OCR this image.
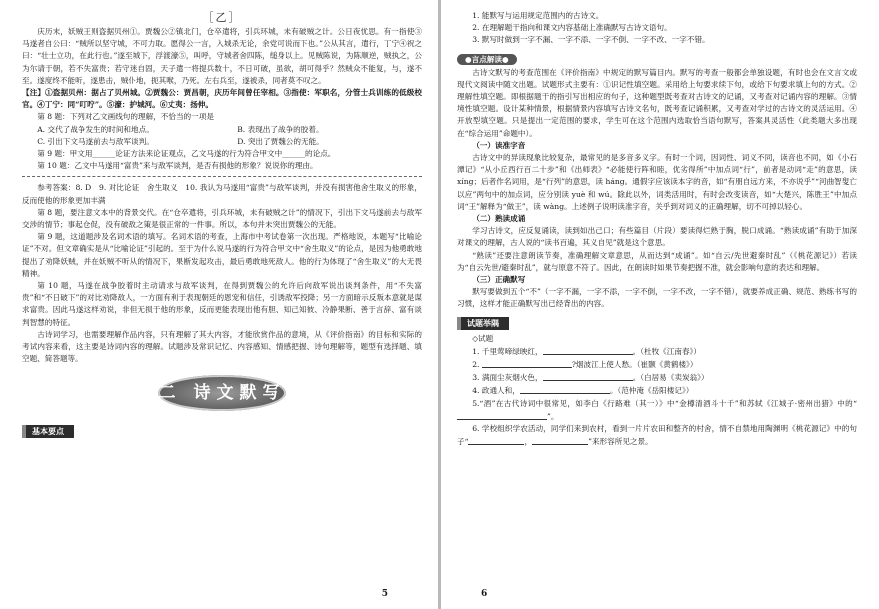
［乙］

庆历末，妖贼王则盗据贝州①。贾魏公②镇北门，仓卒遣将，引兵环城，未有破贼之计。公日夜忧思。有一指使③马遂者自公曰：“贼所以坚守城，不可力取。愿得公一言，入城杀无论，余党可说而下也。”公从其言，遣行，丁宁④祝之曰：“壮士立功，在此行也。”遂至城下，浮渡濠⑤，叫呼，守城者舍四陈，缒身以上。见贼陈说，为陈顺逆，贼执之，公为尔请于朝，若不失富贵；若守迷自固，天子遣一将提兵数十，不日可破，虽欲，胡可得乎？然贼众不能复，与，遂不至。遂度终不能听，遂患击，贼仆地，扼其喉，乃死。左右兵至，遂被杀，同者莫不叹之。

【注】①盗据贝州：据占了贝州城。②贾魏公：贾昌朝，庆历年间曾任宰相。③指使：军职名，分管士兵训练的低级校官。④丁宁：同“叮咛”。⑤濠：护城河。⑥丈夷：扬伸。

第 8 题：下列对乙文画线句的理解，不恰当的一项是

A. 交代了战争发生的时间和地点。	B. 表现出了战争的胶着。
C. 引出下文马遂前去与敌军谈判。	D. 突出了贾魏公的无能。

第 9 题：甲文用______论证方法来论证观点，乙文马遂的行为符合甲文中______的论点。

第 10 题：乙文中马遂用“富贵”来与敌军谈判，是否有损他的形象？说说你的理由。

参考答案：8. D　9. 对比论证　舍生取义　10. 我认为马遂用“富贵”与敌军谈判，并没有损害他舍生取义的形象，反而使他的形象更加丰满

第 8 题，要注意文本中的背景交代。在“仓卒遣将，引兵环城，未有破贼之计”的情况下，引出下文马遂前去与敌军交涉的情节；事起仓促，没有破敌之策是很正常的一件事。所以，本句并未突出贾魏公的无能。

第 9 题，这道题涉及名词术语的填写。名词术语的考查，上海市中考试卷第一次出现。严格地说，本题写“比喻论证”不对。但文章确实是从“比喻论证”引起的。至于为什么说马遂的行为符合甲文中“舍生取义”的论点，是因为他勇敢地提出了劝降妖贼，并在妖贼不听从的情况下，果断发起攻击，最后勇敢地死敌人。他的行为体现了“舍生取义”的大无畏精神。

第 10 题，马遂在战争胶着时主动请求与敌军谈判，在得到贾魏公的允许后向敌军说出谈判条件，用“不失富贵”和“不日破下”的对比劝降敌人，一方面有利于表现朝廷的恩宠和信任，引诱敌军投降；另一方面暗示反叛本意就是谋求富贵。因此马遂这样劝说，非但无损于他的形象，反而更能表现出他有胆、知己知彼、冷静果断、善于言辞、富有谈判智慧的特征。

古诗词学习，也需要理解作品内容，只有理解了其大内容，才能欣赏作品的意境，从《评价指南》的目标和实际的考试内容来看，这主要是诗词内容的理解。试题涉及常识记忆、内容感知、情感把握、诗句理解等，题型有选择题、填空题、简答题等。

二 诗文默写
基本要点
5

1. 能默写与运用规定范围内的古诗文。

2. 在理解题干指向和课文内容基础上准确默写古诗文语句。

3. 默写时做到一字不漏、一字不添、一字不倒、一字不改、一字不错。

●言点解读●

古诗文默写的考查范围在《评价指南》中规定的默写篇目内。默写的考查一般都会单独设题，有时也会在文言文或现代文阅读中随文出题。试题形式主要有：①识记性填空题。采用给上句要求续下句，或给下句要求填上句的方式。②理解性填空题。即根据题干的指引写出相应的句子，这种题型既考查对古诗文的记诵，又考查对记诵内容的理解。③情境性填空题。设计某种情景，根据情景内容填写古诗文名句，既考查记诵积累，又考查对学过的古诗文的灵活运用。④开放型填空题。只是提出一定范围的要求，学生可在这个范围内选取恰当语句默写，答案具灵活性（此类题大多出现在“综合运用”命题中）。

（一）读准字音

古诗文中的异读现象比较复杂，最常见的是多音多义字。有时一个词，因词性、词义不同，读音也不同，如《小石潭记》“从小丘西行百二十步”和《出师表》“必能使行阵和睦，优劣得所”中加点词“行”，前者是动词“走”的意思，读 xíng；后者作名词用，是“行列”的意思，读 háng。通假字应该读本字的音，如“有朋自远方来，不亦说乎”“河曲智叟亡以应”两句中的加点词，应分别读 yuè 和 wú。除此以外，词类活用时，有时会改变读音，如“大楚兴，陈胜王”中加点词“王”解释为“做王”，读 wàng。上述例子说明读准字音，关乎到对词义的正确理解，切不可掉以轻心。

（二）熟读成诵

学习古诗文，应反复诵读，读到如出己口；有些篇目（片段）要读得烂熟于胸，脱口成诵。“熟读成诵”有助于加深对课文的理解，古人说的“读书百遍，其义自见”就是这个意思。

“熟读”还要注意朗读节奏，准确理解文章意思，从而达到“成诵”。如“自云/先世避秦时乱”（《桃花源记》）若读为“自云先世/避秦时乱”，就与原意不符了。因此，在朗读时如果节奏把握不准，就会影响句意的表达和理解。

（三）正确默写

默写要做到五个“不”（一字不漏，一字不添，一字不倒，一字不改，一字不错），就要养成正确、规范、熟练书写的习惯，这样才能正确默写出已经背出的内容。

试题举隅

◇试题

1. 千里莺啼绿映红，	。（杜牧《江南春》）

2.	?烟波江上使人愁。（崔颢《黄鹤楼》）

3. 满面尘灰烟火色，	。（白居易《卖炭翁》）

4. 政通人和，	。（范仲淹《岳阳楼记》）

5.“酒”在古代诗词中很常见，如李白《行路难（其一）》中“金樽清酒斗十千”和苏轼《江城子·密州出猎》中的“”。

6. 学校组织学农活动，同学们来到农村，看到一片片农田和整齐的村舍，情不自禁地用陶渊明《桃花源记》中的句子“	，	”来形容所见之景。

6
